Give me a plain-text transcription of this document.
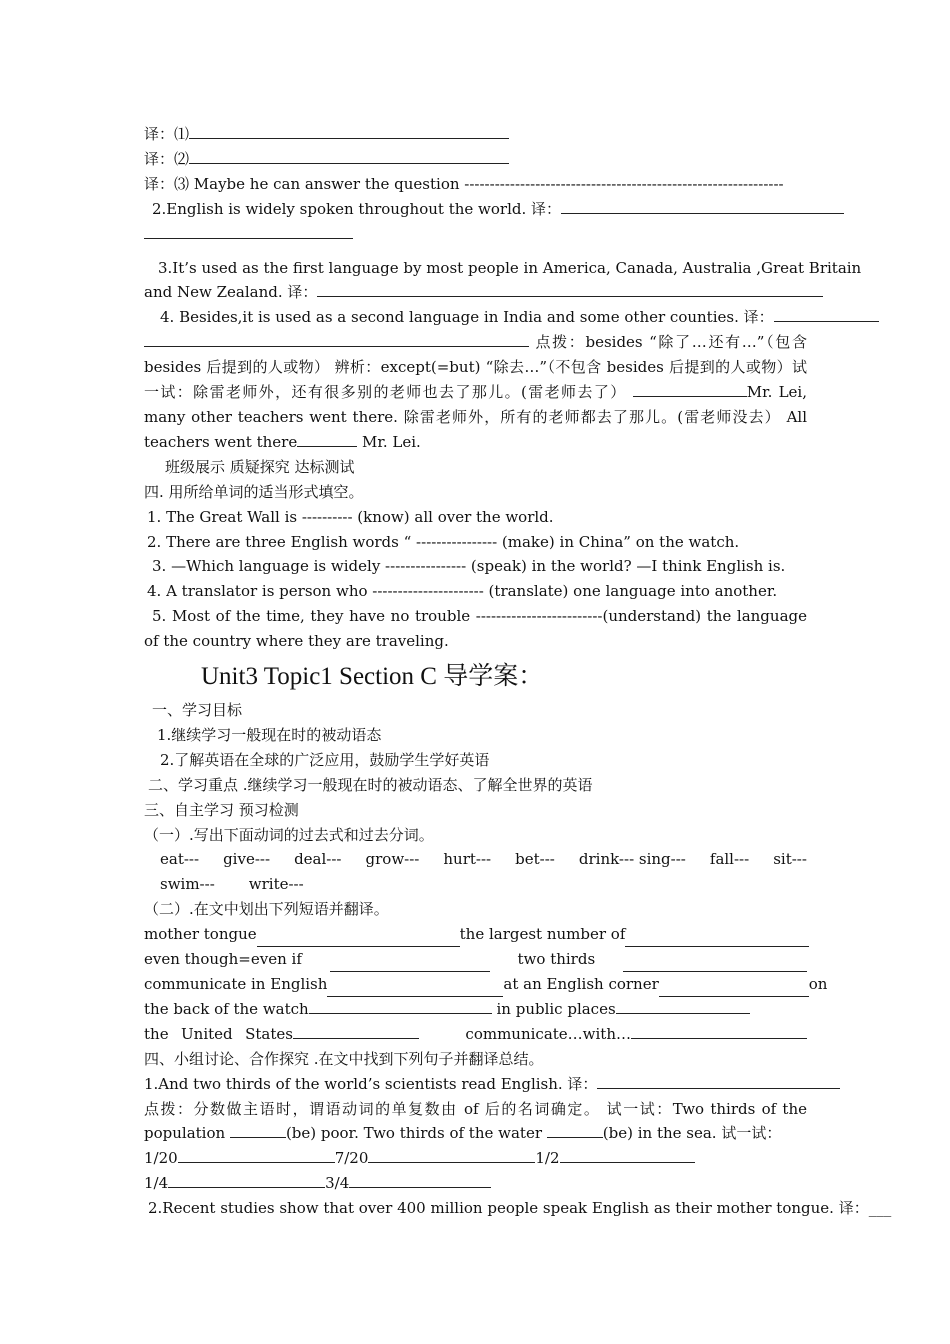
译：⑴
译：⑵
译：⑶ Maybe he can answer the question ---------------------------------------------------------------
2.English is widely spoken throughout the world. 译：
3.It’s used as the first language by most people in America, Canada, Australia ,Great Britain
and New Zealand. 译：
4. Besides,it is used as a second language in India and some other counties. 译：
点拨：besides “除了…还有…”（包含 besides 后提到的人或物） 辨析：except(=but) “除去…”（不包含 besides 后提到的人或物）试一试：除雷老师外，还有很多别的老师也去了那儿。(雷老师去了）	Mr. Lei, many other teachers went there. 除雷老师外，所有的老师都去了那儿。(雷老师没去） All teachers went there	Mr. Lei.
班级展示 质疑探究 达标测试
四. 用所给单词的适当形式填空。
1. The Great Wall is ---------- (know) all over the world.
2. There are three English words “ ---------------- (make) in China” on the watch.
3. —Which language is widely ---------------- (speak) in the world? —I think English is.
4. A translator is person who ---------------------- (translate) one language into another.
5. Most of the time, they have no trouble -------------------------(understand) the language of the country where they are traveling.
Unit3 Topic1 Section C 导学案：
一、学习目标
1.继续学习一般现在时的被动语态
2.了解英语在全球的广泛应用，鼓励学生学好英语
二、学习重点 .继续学习一般现在时的被动语态、了解全世界的英语
三、自主学习 预习检测
（一）.写出下面动词的过去式和过去分词。
eat--- give--- deal--- grow--- hurt--- bet--- drink--- sing--- fall--- sit---
swim--- write---
（二）.在文中划出下列短语并翻译。
mother tongue	the largest number of
even though=even if	two thirds
communicate in English	at an English corner	on
the back of the watch	in public places
the United States	communicate…with… 四、小组讨论、合作探究 .在文中找到下列句子并翻译总结。
1.And two thirds of the world’s scientists read English. 译：
点拨：分数做主语时，谓语动词的单复数由 of 后的名词确定。 试一试：Two thirds of the population	(be) poor. Two thirds of the water	(be) in the sea. 试一试：
1/20	7/20	1/2
1/4	3/4
2.Recent studies show that over 400 million people speak English as their mother tongue. 译：___
